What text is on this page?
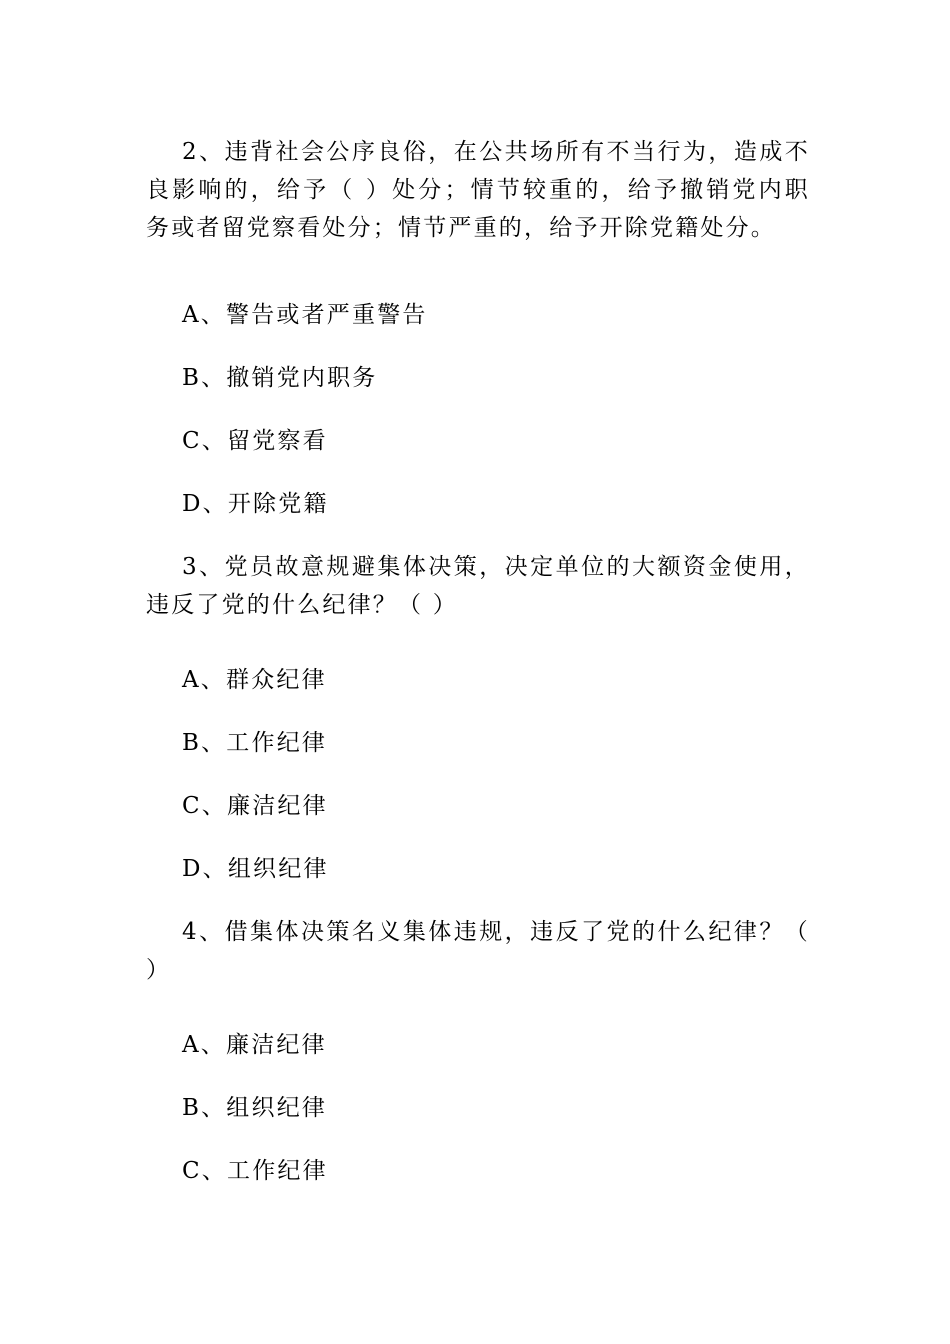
2、违背社会公序良俗，在公共场所有不当行为，造成不良影响的，给予（ ）处分；情节较重的，给予撤销党内职务或者留党察看处分；情节严重的，给予开除党籍处分。

A、警告或者严重警告

B、撤销党内职务

C、留党察看

D、开除党籍

3、党员故意规避集体决策，决定单位的大额资金使用，违反了党的什么纪律？（ ）

A、群众纪律

B、工作纪律

C、廉洁纪律

D、组织纪律

4、借集体决策名义集体违规，违反了党的什么纪律？（ ）

A、廉洁纪律

B、组织纪律

C、工作纪律
